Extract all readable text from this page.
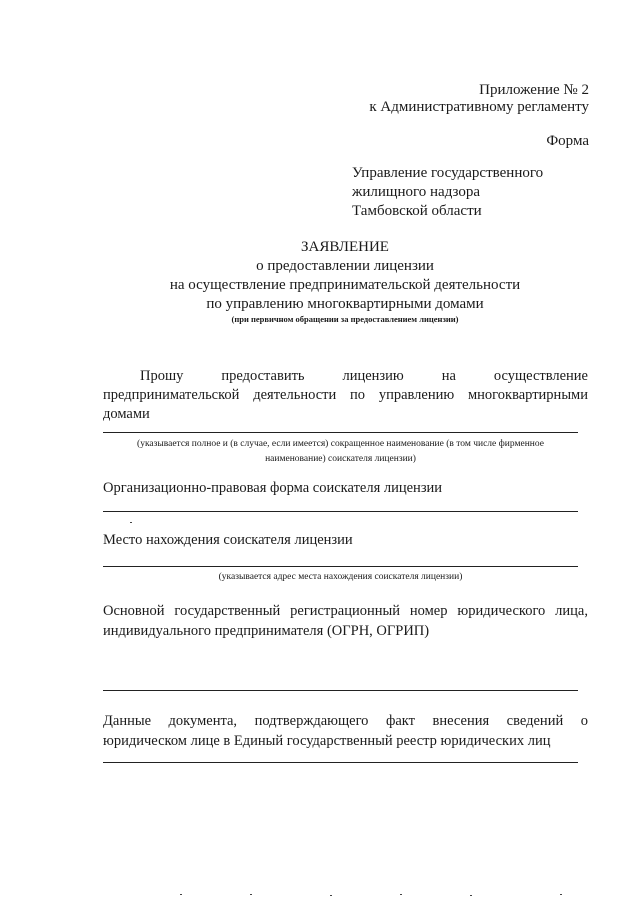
Приложение № 2
к Административному регламенту
Форма
Управление государственного
жилищного надзора
Тамбовской области
ЗАЯВЛЕНИЕ
о предоставлении лицензии
на осуществление предпринимательской деятельности
по управлению многоквартирными домами
(при первичном обращении за предоставлением лицензии)
Прошу	предоставить	лицензию	на	осуществление
предпринимательской деятельности по управлению многоквартирными
домами
(указывается полное и (в случае, если имеется) сокращенное наименование (в том числе фирменное
наименование) соискателя лицензии)
Организационно-правовая форма соискателя лицензии
Место нахождения соискателя лицензии
(указывается адрес места нахождения соискателя лицензии)
Основной государственный регистрационный номер юридического лица,
индивидуального предпринимателя (ОГРН, ОГРИП)
Данные документа, подтверждающего факт внесения сведений о
юридическом лице в Единый государственный реестр юридических лиц
